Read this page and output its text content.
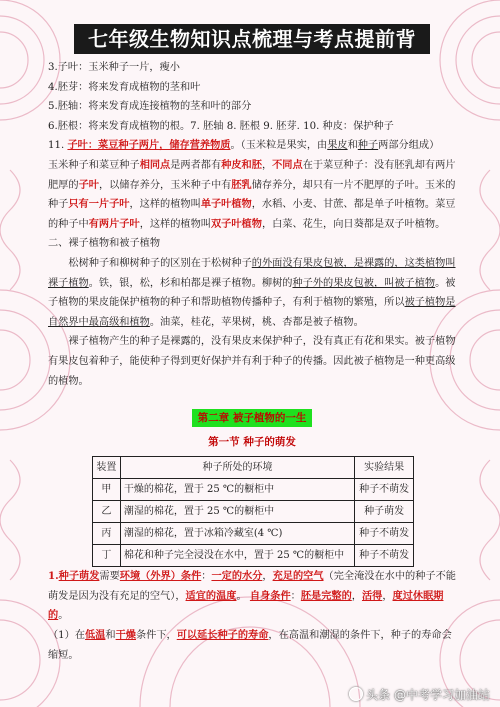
七年级生物知识点梳理与考点提前背

3.子叶：玉米种子一片，瘦小

4.胚芽：将来发育成植物的茎和叶

5.胚轴：将来发育成连接植物的茎和叶的部分

6.胚根：将来发育成植物的根。7. 胚轴 8. 胚根 9. 胚芽. 10. 种皮：保护种子

11. 子叶：菜豆种子两片，储存营养物质。（玉米粒是果实，由果皮和种子两部分组成）

玉米种子和菜豆种子相同点是两者都有种皮和胚，不同点在于菜豆种子：没有胚乳却有两片肥厚的子叶，以储存养分，玉米种子中有胚乳储存养分，却只有一片不肥厚的子叶。玉米的种子只有一片子叶，这样的植物叫单子叶植物，水稻、小麦、甘蔗、都是单子叶植物。菜豆的种子中有两片子叶，这样的植物叫双子叶植物，白菜、花生，向日葵都是双子叶植物。

二、裸子植物和被子植物

松树种子和柳树种子的区别在于松树种子的外面没有果皮包被，是裸露的，这类植物叫裸子植物。铁，银，松，杉和柏都是裸子植物。柳树的种子外的果皮包被，叫被子植物。被子植物的果皮能保护植物的种子和帮助植物传播种子，有利于植物的繁殖，所以被子植物是自然界中最高级和植物。油菜，桂花，苹果树，桃、杏都是被子植物。

裸子植物产生的种子是裸露的，没有果皮来保护种子，没有真正有花和果实。被子植物有果皮包着种子，能使种子得到更好保护并有利于种子的传播。因此被子植物是一种更高级的植物。

第二章 被子植物的一生
第一节 种子的萌发
装置	种子所处的环境	实验结果
甲	干燥的棉花，置于 25 ℃的橱柜中	种子不萌发
乙	潮湿的棉花，置于 25 ℃的橱柜中	种子萌发
丙	潮湿的棉花，置于冰箱冷藏室(4 ℃)	种子不萌发
丁	棉花和种子完全浸没在水中，置于 25 ℃的橱柜中	种子不萌发

1.种子萌发需要环境（外界）条件：一定的水分，充足的空气（完全淹没在水中的种子不能萌发是因为没有充足的空气），适宜的温度。 自身条件：胚是完整的，活得，度过休眠期的。

（1）在低温和干燥条件下，可以延长种子的寿命，在高温和潮湿的条件下，种子的寿命会缩短。

头条 @中考学习加油站
